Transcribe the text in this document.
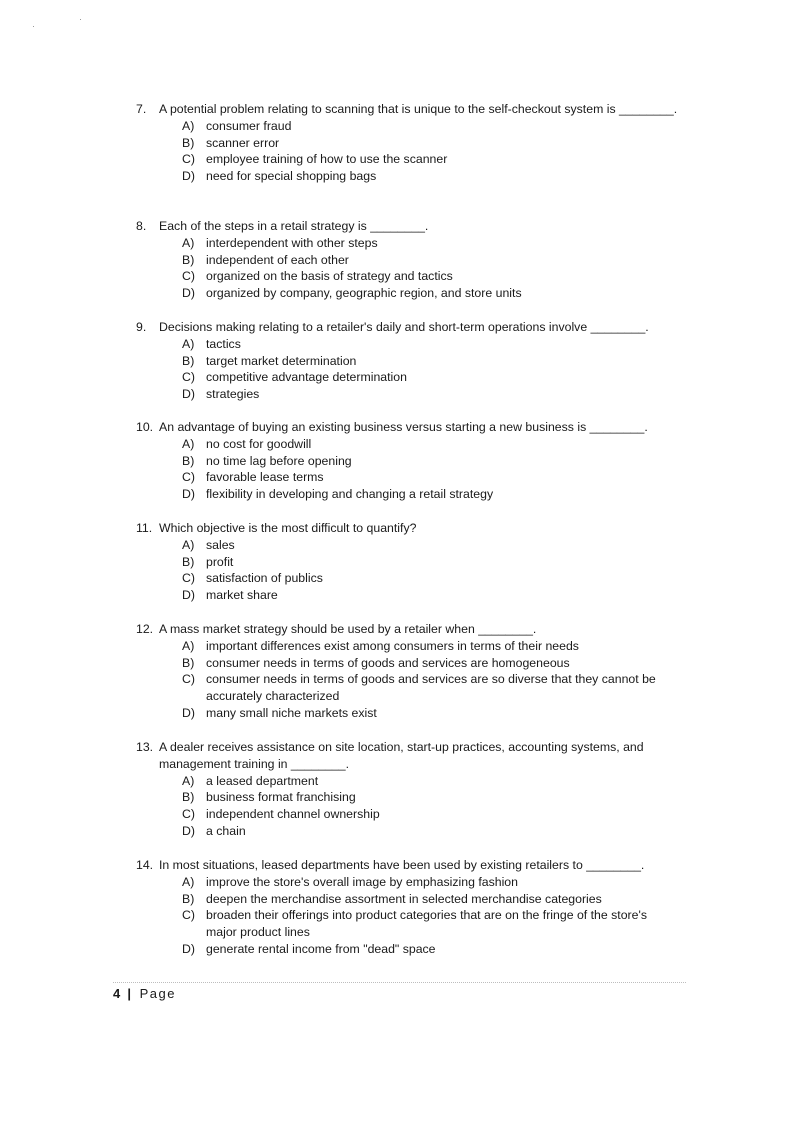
7. A potential problem relating to scanning that is unique to the self-checkout system is ________.
A) consumer fraud
B) scanner error
C) employee training of how to use the scanner
D) need for special shopping bags
8. Each of the steps in a retail strategy is ________.
A) interdependent with other steps
B) independent of each other
C) organized on the basis of strategy and tactics
D) organized by company, geographic region, and store units
9. Decisions making relating to a retailer's daily and short-term operations involve ________.
A) tactics
B) target market determination
C) competitive advantage determination
D) strategies
10. An advantage of buying an existing business versus starting a new business is ________.
A) no cost for goodwill
B) no time lag before opening
C) favorable lease terms
D) flexibility in developing and changing a retail strategy
11. Which objective is the most difficult to quantify?
A) sales
B) profit
C) satisfaction of publics
D) market share
12. A mass market strategy should be used by a retailer when ________.
A) important differences exist among consumers in terms of their needs
B) consumer needs in terms of goods and services are homogeneous
C) consumer needs in terms of goods and services are so diverse that they cannot be accurately characterized
D) many small niche markets exist
13. A dealer receives assistance on site location, start-up practices, accounting systems, and management training in ________.
A) a leased department
B) business format franchising
C) independent channel ownership
D) a chain
14. In most situations, leased departments have been used by existing retailers to ________.
A) improve the store's overall image by emphasizing fashion
B) deepen the merchandise assortment in selected merchandise categories
C) broaden their offerings into product categories that are on the fringe of the store's major product lines
D) generate rental income from "dead" space
4 | Page
